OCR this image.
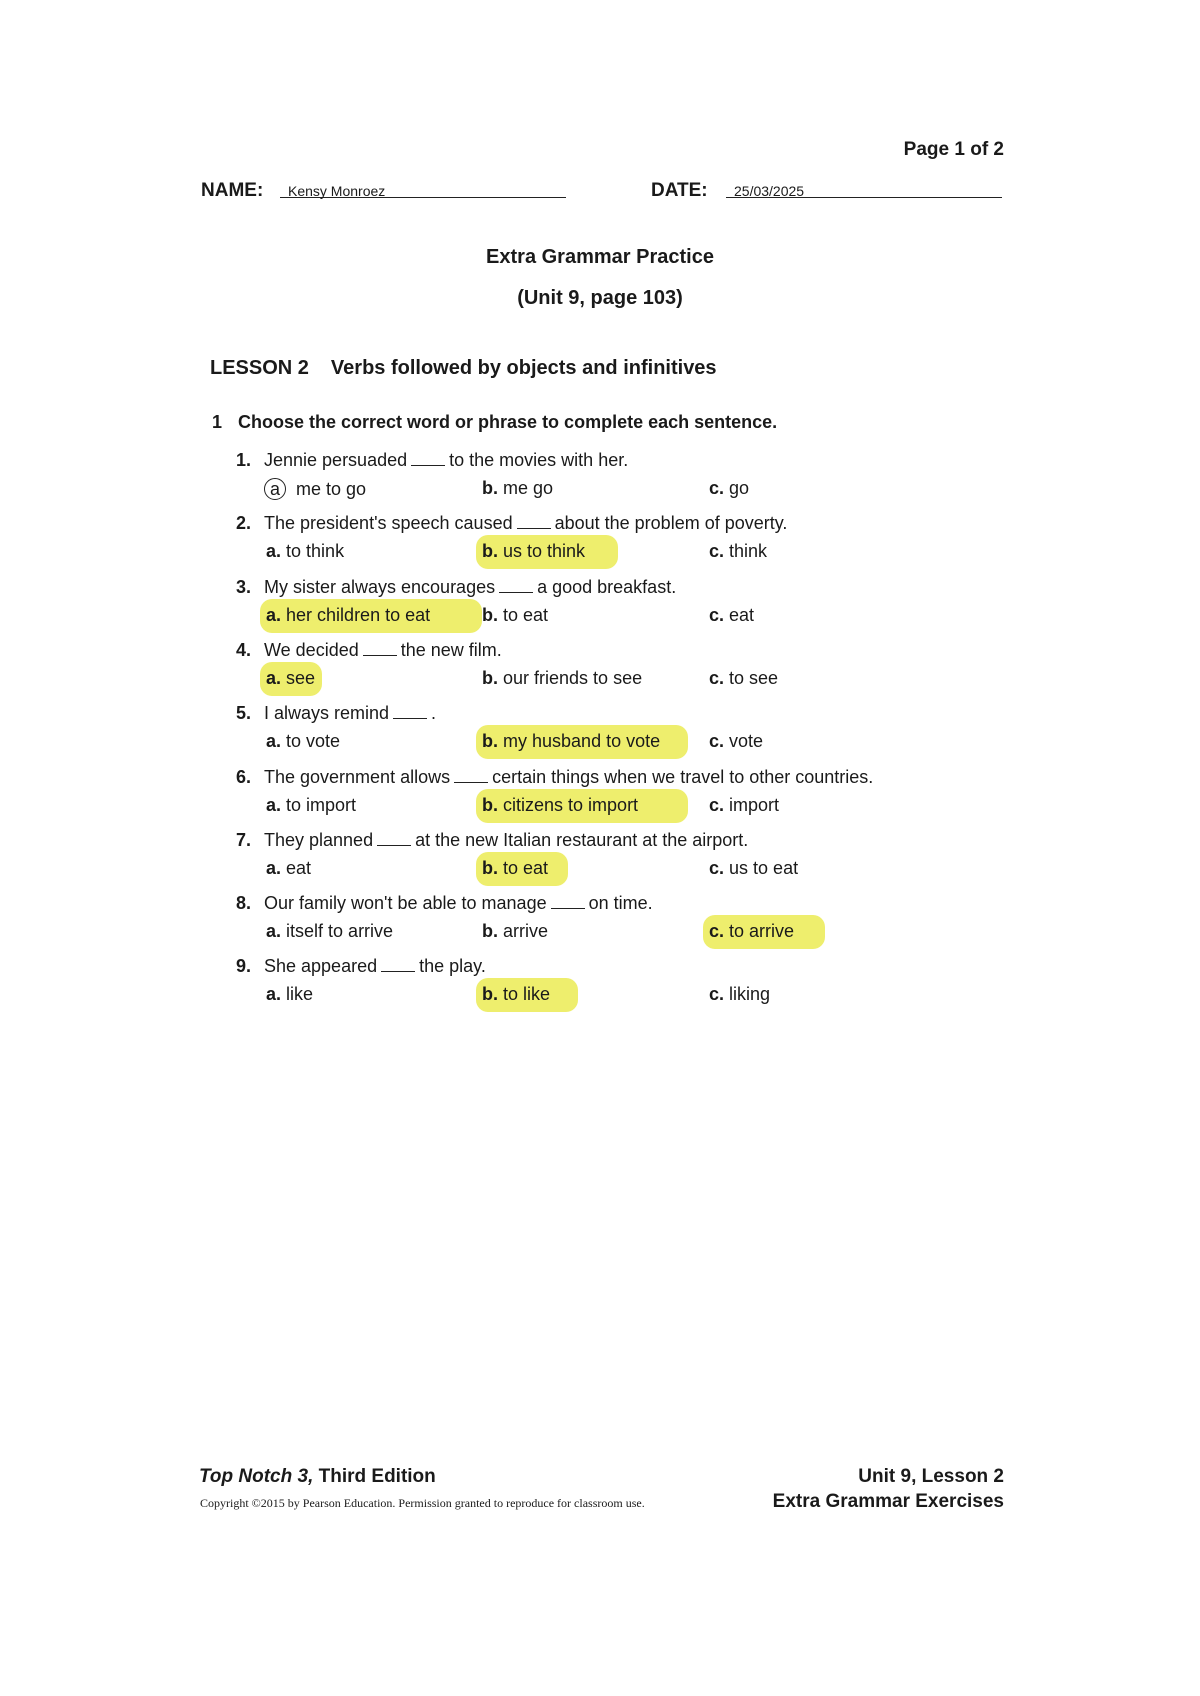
Page 1 of 2
NAME: Kensy Monroez	DATE: 25/03/2025
Extra Grammar Practice
(Unit 9, page 103)
LESSON 2 Verbs followed by objects and infinitives
1 Choose the correct word or phrase to complete each sentence.
1. Jennie persuaded to the movies with her.
a me to go	b. me go	c. go
2. The president's speech caused about the problem of poverty.
a. to think	b. us to think	c. think
3. My sister always encourages a good breakfast.
a. her children to eat	b. to eat	c. eat
4. We decided the new film.
a. see	b. our friends to see	c. to see
5. I always remind .
a. to vote	b. my husband to vote	c. vote
6. The government allows certain things when we travel to other countries.
a. to import	b. citizens to import	c. import
7. They planned at the new Italian restaurant at the airport.
a. eat	b. to eat	c. us to eat
8. Our family won't be able to manage on time.
a. itself to arrive	b. arrive	c. to arrive
9. She appeared the play.
a. like	b. to like	c. liking
Top Notch 3, Third Edition
Copyright ©2015 by Pearson Education. Permission granted to reproduce for classroom use.
Unit 9, Lesson 2
Extra Grammar Exercises
